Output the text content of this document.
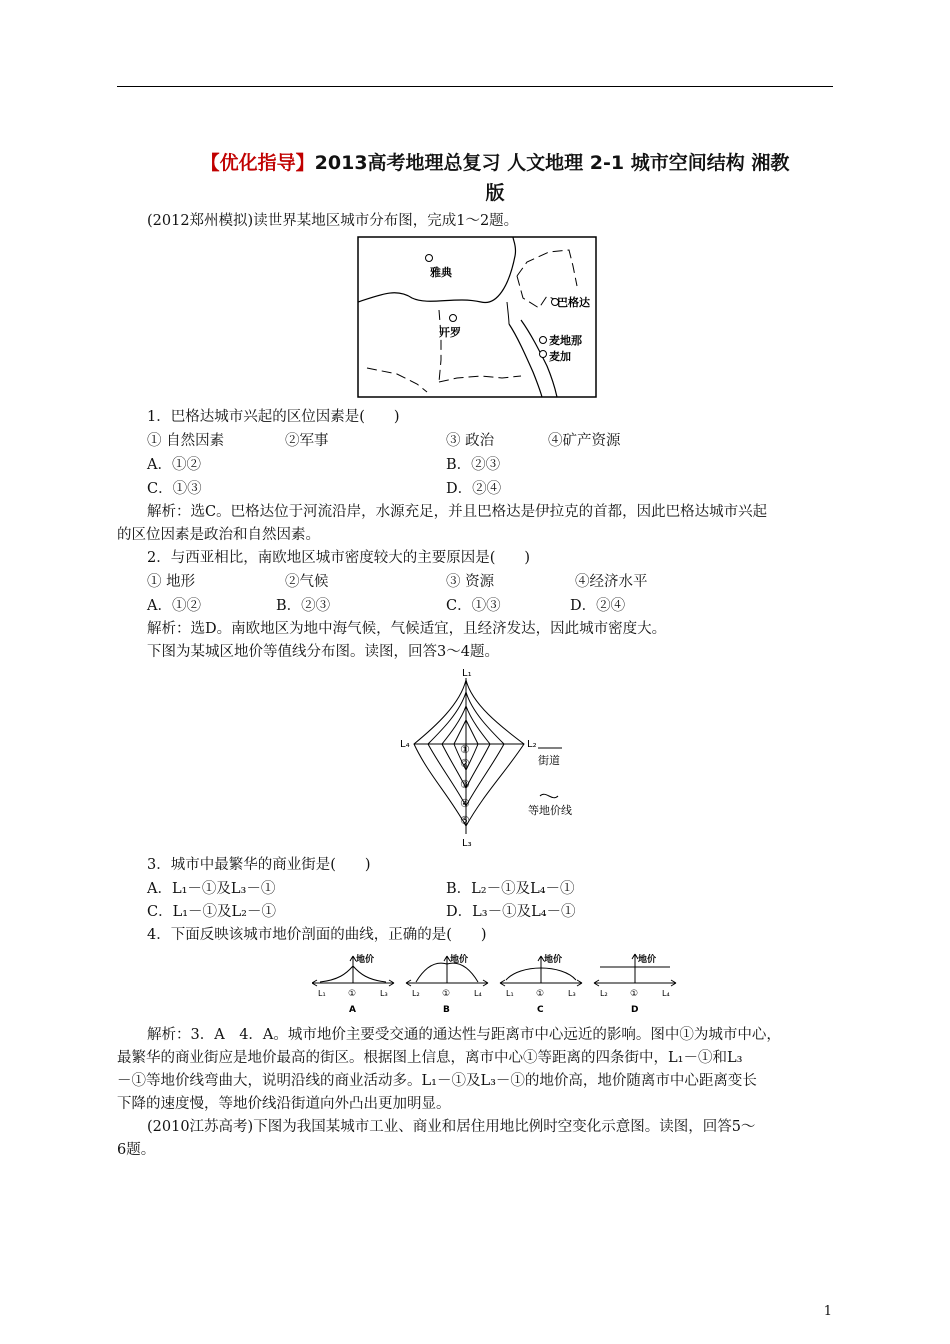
【优化指导】2013高考地理总复习 人文地理 2-1 城市空间结构 湘教
版
(2012郑州模拟)读世界某地区城市分布图，完成1～2题。
雅典
开罗
巴格达
麦地那
麦加
1．巴格达城市兴起的区位因素是(　　)
① 自然因素	②军事	③ 政治	④矿产资源
A．①②	B．②③
C．①③	D．②④
解析：选C。巴格达位于河流沿岸，水源充足，并且巴格达是伊拉克的首都，因此巴格达城市兴起
的区位因素是政治和自然因素。
2．与西亚相比，南欧地区城市密度较大的主要原因是(　　)
① 地形	②气候	③ 资源	④经济水平
A．①②	B．②③	C．①③	D．②④
解析：选D。南欧地区为地中海气候，气候适宜，且经济发达，因此城市密度大。
下图为某城区地价等值线分布图。读图，回答3～4题。
L₁
L₂
L₃
L₄	①
②
③
④
⑤
街道
等地价线
3．城市中最繁华的商业街是(　　)
A．L₁－①及L₃－①	B．L₂－①及L₄－①
C．L₁－①及L₂－①	D．L₃－①及L₄－①
4．下面反映该城市地价剖面的曲线，正确的是(　　)
地价
L₁ ①	L₃
A
地价
L₂ ①	L₄
B
地价
L₁ ①	L₃
C
地价
L₂ ①	L₄
D
解析：3．A　4．A。城市地价主要受交通的通达性与距离市中心远近的影响。图中①为城市中心，
最繁华的商业街应是地价最高的街区。根据图上信息，离市中心①等距离的四条街中，L₁－①和L₃
－①等地价线弯曲大，说明沿线的商业活动多。L₁－①及L₃－①的地价高，地价随离市中心距离变长
下降的速度慢，等地价线沿街道向外凸出更加明显。
(2010江苏高考)下图为我国某城市工业、商业和居住用地比例时空变化示意图。读图，回答5～
6题。
1
